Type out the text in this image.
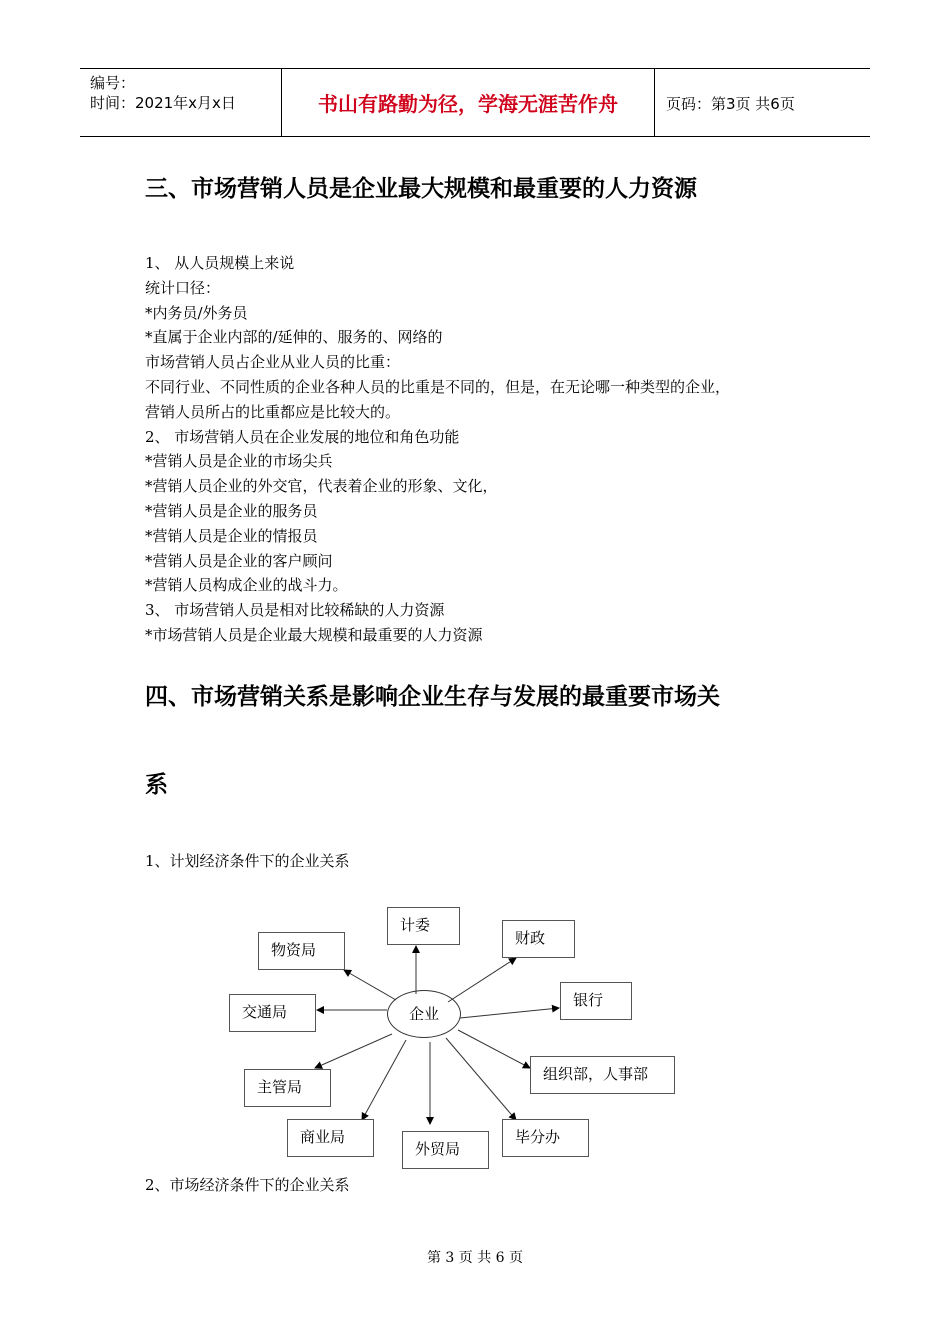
编号：
时间：2021年x月x日	书山有路勤为径，学海无涯苦作舟	页码：第3页 共6页
三、市场营销人员是企业最大规模和最重要的人力资源
1、 从人员规模上来说
统计口径：
*内务员/外务员
*直属于企业内部的/延伸的、服务的、网络的
市场营销人员占企业从业人员的比重：
不同行业、不同性质的企业各种人员的比重是不同的，但是，在无论哪一种类型的企业，
营销人员所占的比重都应是比较大的。
2、 市场营销人员在企业发展的地位和角色功能
*营销人员是企业的市场尖兵
*营销人员企业的外交官，代表着企业的形象、文化，
*营销人员是企业的服务员
*营销人员是企业的情报员
*营销人员是企业的客户顾问
*营销人员构成企业的战斗力。
3、 市场营销人员是相对比较稀缺的人力资源
*市场营销人员是企业最大规模和最重要的人力资源
四、市场营销关系是影响企业生存与发展的最重要市场关
系
1、计划经济条件下的企业关系
企业
计委
财政
物资局
银行
交通局
组织部，人事部
主管局
毕分办
商业局
外贸局
2、市场经济条件下的企业关系
第 3 页 共 6 页
